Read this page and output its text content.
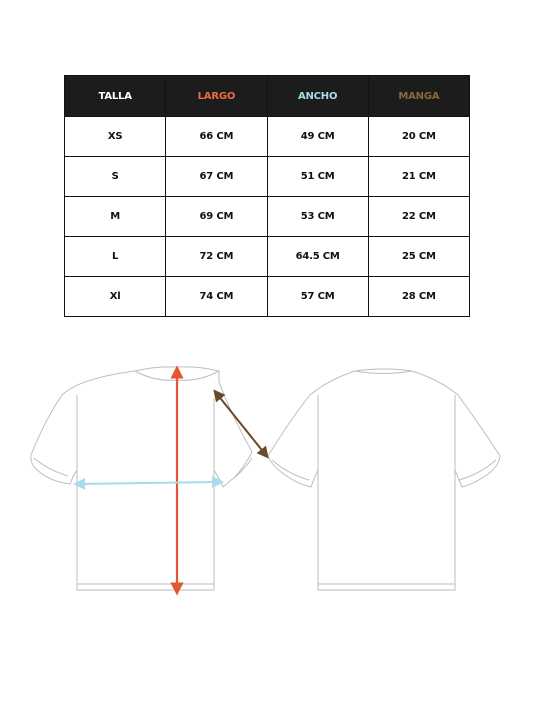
TALLA	LARGO	ANCHO	MANGA
XS	66 CM	49 CM	20 CM
S	67 CM	51 CM	21 CM
M	69 CM	53 CM	22 CM
L	72 CM	64.5 CM	25 CM
Xl	74 CM	57 CM	28 CM
